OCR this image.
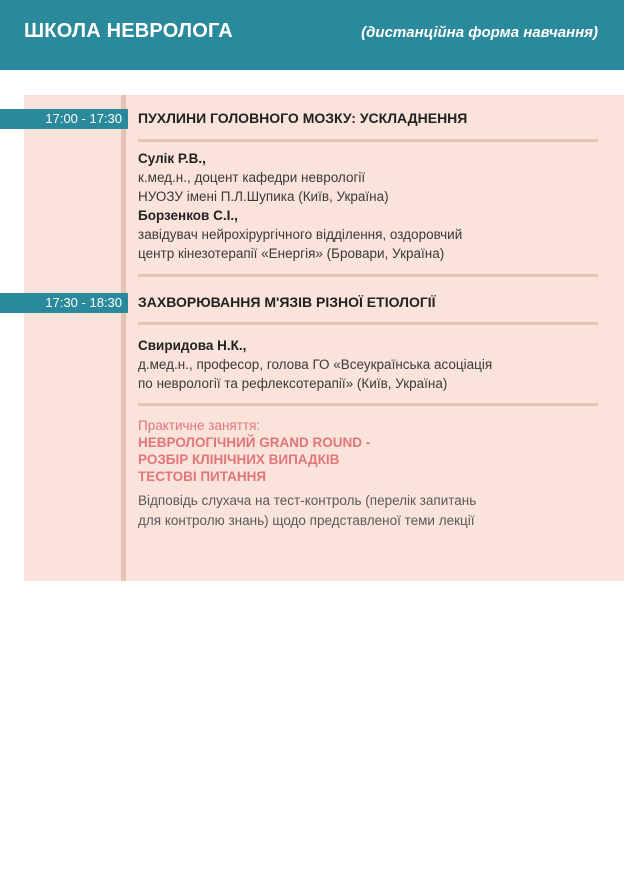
ШКОЛА НЕВРОЛОГА	(дистанційна форма навчання)
17:00 - 17:30	ПУХЛИНИ ГОЛОВНОГО МОЗКУ: УСКЛАДНЕННЯ
Сулік Р.В.,
к.мед.н., доцент кафедри неврології
НУОЗУ імені П.Л.Шупика (Київ, Україна)
Борзенков С.І.,
завідувач нейрохірургічного відділення, оздоровчий
центр кінезотерапії «Енергія» (Бровари, Україна)
17:30 - 18:30	ЗАХВОРЮВАННЯ М'ЯЗІВ РІЗНОЇ ЕТІОЛОГІЇ
Свиридова Н.К.,
д.мед.н., професор, голова ГО «Всеукраїнська асоціація
по неврології та рефлексотерапії» (Київ, Україна)
Практичне заняття:
НЕВРОЛОГІЧНИЙ GRAND ROUND -
РОЗБІР КЛІНІЧНИХ ВИПАДКІВ
ТЕСТОВІ ПИТАННЯ
Відповідь слухача на тест-контроль (перелік запитань
для контролю знань) щодо представленої теми лекції
